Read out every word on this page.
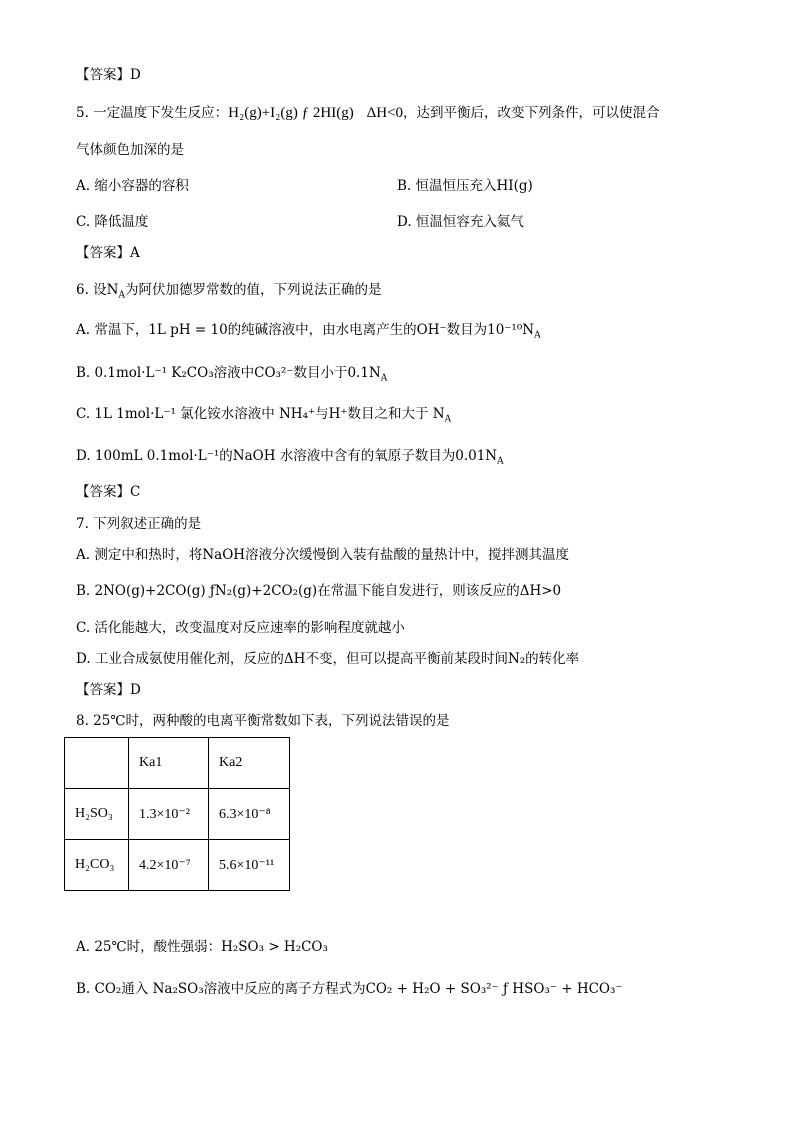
【答案】D
5. 一定温度下发生反应：H₂(g)+I₂(g) ƒ 2HI(g) ΔH<0，达到平衡后，改变下列条件，可以使混合
气体颜色加深的是
A. 缩小容器的容积	B. 恒温恒压充入HI(g)
C. 降低温度	D. 恒温恒容充入氦气
【答案】A
6. 设$N_A$为阿伏加德罗常数的值，下列说法正确的是
A. 常温下，1L pH = 10的纯碱溶液中，由水电离产生的OH⁻数目为$10^{-10}N_A$
B. 0.1mol·L⁻¹ K₂CO₃溶液中CO₃²⁻数目小于$0.1N_A$
C. 1L 1mol·L⁻¹ 氯化铵水溶液中 NH₄⁺与H⁺数目之和大于 $N_A$
D. 100mL 0.1mol·L⁻¹的NaOH 水溶液中含有的氧原子数目为$0.01N_A$
【答案】C
7. 下列叙述正确的是
A. 测定中和热时，将NaOH溶液分次缓慢倒入装有盐酸的量热计中，搅拌测其温度
B. 2NO(g)+2CO(g) ƒN₂(g)+2CO₂(g)在常温下能自发进行，则该反应的ΔH>0
C. 活化能越大，改变温度对反应速率的影响程度就越小
D. 工业合成氨使用催化剂，反应的ΔH不变，但可以提高平衡前某段时间N₂的转化率
【答案】D
8. 25℃时，两种酸的电离平衡常数如下表，下列说法错误的是
	Ka1	Ka2
H₂SO₃	1.3×10⁻²	6.3×10⁻⁸
H₂CO₃	4.2×10⁻⁷	5.6×10⁻¹¹
A. 25℃时，酸性强弱：H₂SO₃ > H₂CO₃
B. CO₂通入 Na₂SO₃溶液中反应的离子方程式为CO₂ + H₂O + SO₃²⁻ ƒ HSO₃⁻ + HCO₃⁻
